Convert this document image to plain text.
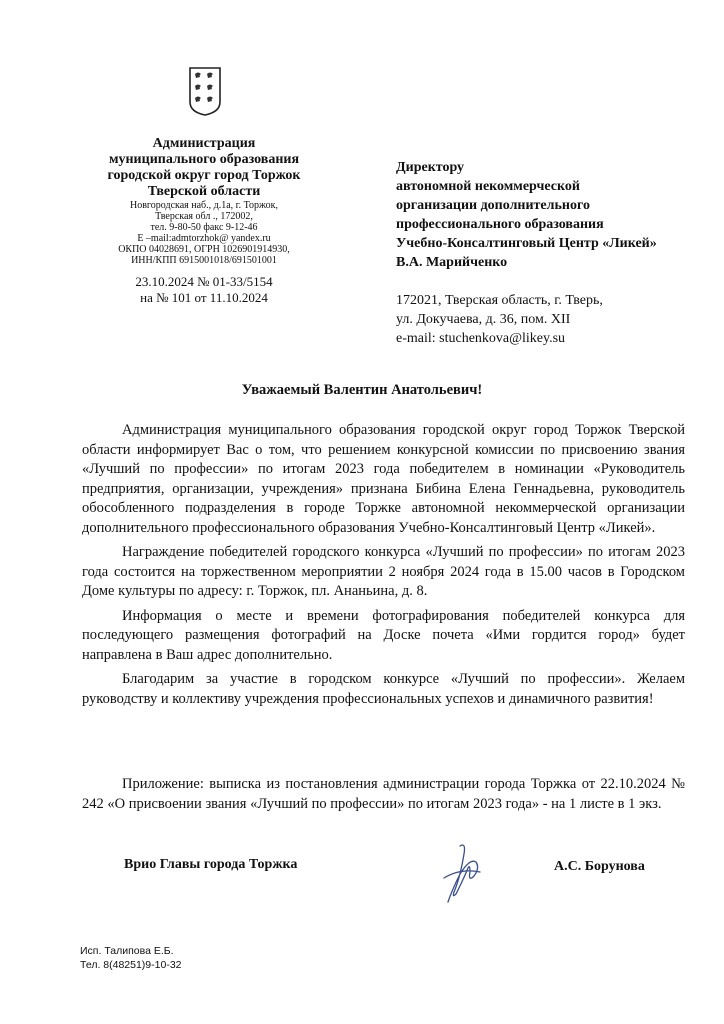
Администрация
муниципального образования
городской округ город Торжок
Тверской области
Новгородская наб., д.1а, г. Торжок,
Тверская обл ., 172002,
тел. 9-80-50 факс 9-12-46
E –mail:admtorzhok@ yandex.ru
ОКПО 04028691, ОГРН 1026901914930,
ИНН/КПП 6915001018/691501001
23.10.2024 № 01-33/5154
на № 101 от 11.10.2024
Директору
автономной некоммерческой
организации дополнительного
профессионального образования
Учебно-Консалтинговый Центр «Ликей»
В.А. Марийченко
172021, Тверская область, г. Тверь,
ул. Докучаева, д. 36, пом. XII
e-mail: stuchenkova@likey.su
Уважаемый Валентин Анатольевич!

Администрация муниципального образования городской округ город Торжок Тверской области информирует Вас о том, что решением конкурсной комиссии по присвоению звания «Лучший по профессии» по итогам 2023 года победителем в номинации «Руководитель предприятия, организации, учреждения» признана Бибина Елена Геннадьевна, руководитель обособленного подразделения в городе Торжке автономной некоммерческой организации дополнительного профессионального образования Учебно-Консалтинговый Центр «Ликей».

Награждение победителей городского конкурса «Лучший по профессии» по итогам 2023 года состоится на торжественном мероприятии 2 ноября 2024 года в 15.00 часов в Городском Доме культуры по адресу: г. Торжок, пл. Ананьина, д. 8.

Информация о месте и времени фотографирования победителей конкурса для последующего размещения фотографий на Доске почета «Ими гордится город» будет направлена в Ваш адрес дополнительно.

Благодарим за участие в городском конкурсе «Лучший по профессии». Желаем руководству и коллективу учреждения профессиональных успехов и динамичного развития!

Приложение: выписка из постановления администрации города Торжка от 22.10.2024 № 242 «О присвоении звания «Лучший по профессии» по итогам 2023 года» - на 1 листе в 1 экз.

Врио Главы города Торжка	А.С. Борунова
Исп. Талипова Е.Б.
Тел. 8(48251)9-10-32
